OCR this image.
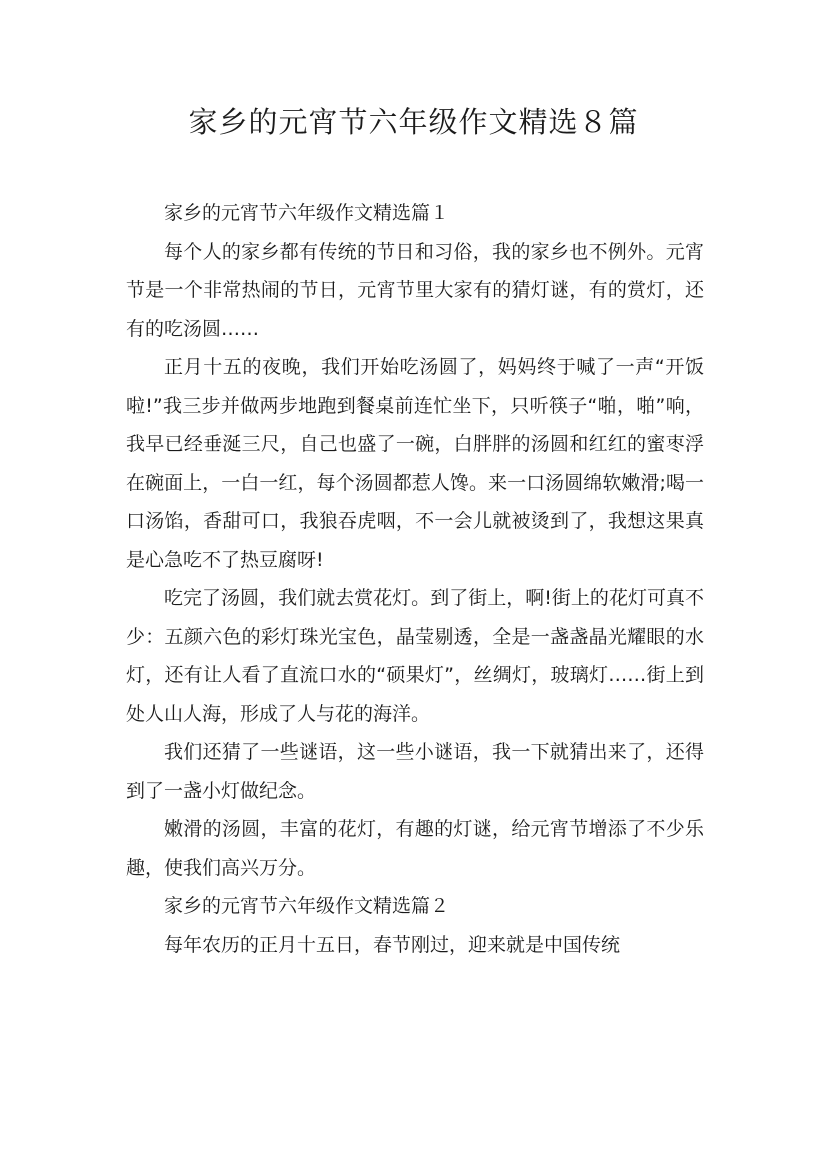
家乡的元宵节六年级作文精选８篇

家乡的元宵节六年级作文精选篇１

每个人的家乡都有传统的节日和习俗，我的家乡也不例外。元宵节是一个非常热闹的节日，元宵节里大家有的猜灯谜，有的赏灯，还有的吃汤圆……

正月十五的夜晚，我们开始吃汤圆了，妈妈终于喊了一声“开饭啦!”我三步并做两步地跑到餐桌前连忙坐下，只听筷子“啪，啪”响，我早已经垂涎三尺，自己也盛了一碗，白胖胖的汤圆和红红的蜜枣浮在碗面上，一白一红，每个汤圆都惹人馋。来一口汤圆绵软嫩滑;喝一口汤馅，香甜可口，我狼吞虎咽，不一会儿就被烫到了，我想这果真是心急吃不了热豆腐呀!

吃完了汤圆，我们就去赏花灯。到了街上，啊!街上的花灯可真不少：五颜六色的彩灯珠光宝色，晶莹剔透，全是一盏盏晶光耀眼的水灯，还有让人看了直流口水的“硕果灯”，丝绸灯，玻璃灯……街上到处人山人海，形成了人与花的海洋。

我们还猜了一些谜语，这一些小谜语，我一下就猜出来了，还得到了一盏小灯做纪念。

嫩滑的汤圆，丰富的花灯，有趣的灯谜，给元宵节增添了不少乐趣，使我们高兴万分。

家乡的元宵节六年级作文精选篇２

每年农历的正月十五日，春节刚过，迎来就是中国传统
